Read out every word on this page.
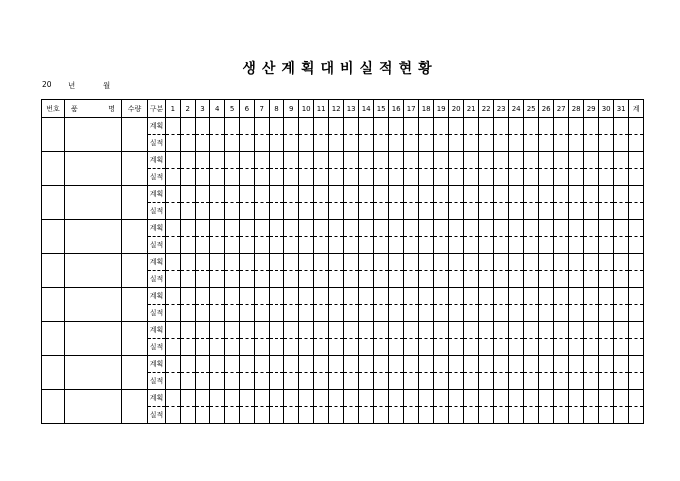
생산계획대비실적현황
20 년	월
번호	품 명	수량	구분	1	2	3	4	5	6	7	8	9	10	11	12	13	14	15	16	17	18	19	20	21	22	23	24	25	26	27	28	29	30	31	계
			계획																																
			실적																																
			계획																																
			실적																																
			계획																																
			실적																																
			계획																																
			실적																																
			계획																																
			실적																																
			계획																																
			실적																																
			계획																																
			실적																																
			계획																																
			실적																																
			계획																																
			실적																																
